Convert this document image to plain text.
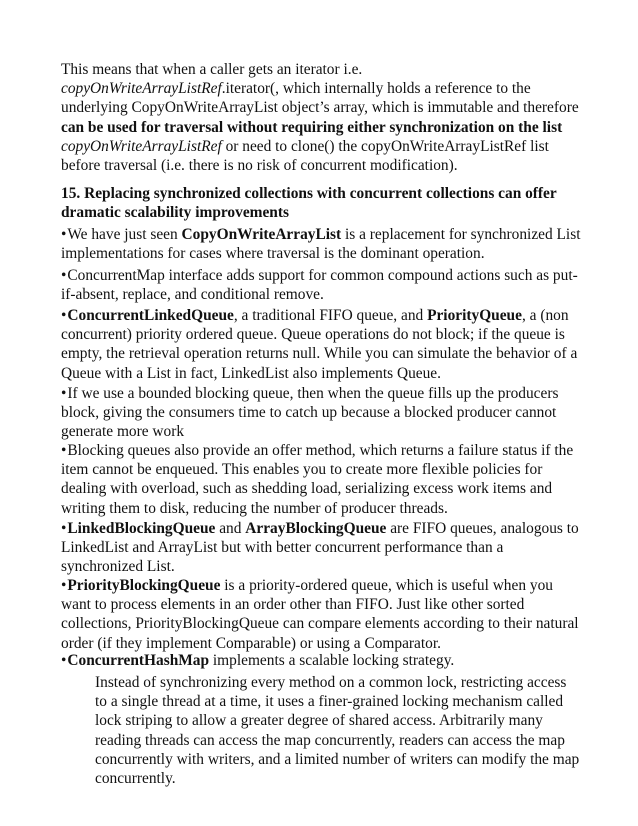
This means that when a caller gets an iterator i.e. copyOnWriteArrayListRef.iterator(, which internally holds a reference to the underlying CopyOnWriteArrayList object’s array, which is immutable and therefore can be used for traversal without requiring either synchronization on the list copyOnWriteArrayListRef or need to clone() the copyOnWriteArrayListRef list before traversal (i.e. there is no risk of concurrent modification).

15. Replacing synchronized collections with concurrent collections can offer dramatic scalability improvements

•We have just seen CopyOnWriteArrayList is a replacement for synchronized List implementations for cases where traversal is the dominant operation.

•ConcurrentMap interface adds support for common compound actions such as put-if-absent, replace, and conditional remove.

•ConcurrentLinkedQueue, a traditional FIFO queue, and PriorityQueue, a (non concurrent) priority ordered queue. Queue operations do not block; if the queue is empty, the retrieval operation returns null. While you can simulate the behavior of a Queue with a List in fact, LinkedList also implements Queue.

•If we use a bounded blocking queue, then when the queue fills up the producers block, giving the consumers time to catch up because a blocked producer cannot generate more work

•Blocking queues also provide an offer method, which returns a failure status if the item cannot be enqueued. This enables you to create more flexible policies for dealing with overload, such as shedding load, serializing excess work items and writing them to disk, reducing the number of producer threads.

•LinkedBlockingQueue and ArrayBlockingQueue are FIFO queues, analogous to LinkedList and ArrayList but with better concurrent performance than a synchronized List.

•PriorityBlockingQueue is a priority-ordered queue, which is useful when you want to process elements in an order other than FIFO. Just like other sorted collections, PriorityBlockingQueue can compare elements according to their natural order (if they implement Comparable) or using a Comparator.

•ConcurrentHashMap implements a scalable locking strategy.

Instead of synchronizing every method on a common lock, restricting access to a single thread at a time, it uses a finer-grained locking mechanism called lock striping to allow a greater degree of shared access. Arbitrarily many reading threads can access the map concurrently, readers can access the map concurrently with writers, and a limited number of writers can modify the map concurrently.
